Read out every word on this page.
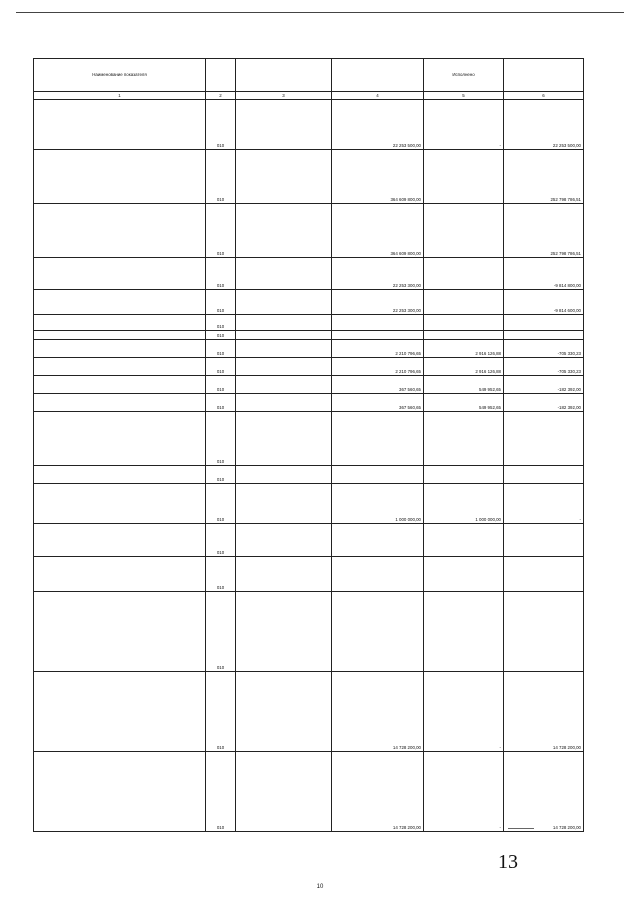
Наименование показателя				Исполнено	
1	2	3	4	5	6
	010		22 253 500,00	-	22 253 500,00
	010		364 609 800,00		252 798 786,51
	010		364 609 800,00		252 798 786,51
	010		22 253 300,00		-9 814 800,00
	010		22 253 300,00		-9 814 600,00
	010				
	010				
	010		2 210 796,65	2 916 126,88	-705 330,23
	010		2 210 796,65	2 916 126,88	-705 330,23
	010		367 560,65	549 952,65	-182 392,00
	010		367 560,65	549 952,65	-182 392,00
	010				
	010				
	010		1 000 000,00	1 000 000,00	-
	010				
	010				
	010				
	010		14 728 200,00	-	14 728 200,00
	010		14 728 200,00	-	14 728 200,00
13
10
